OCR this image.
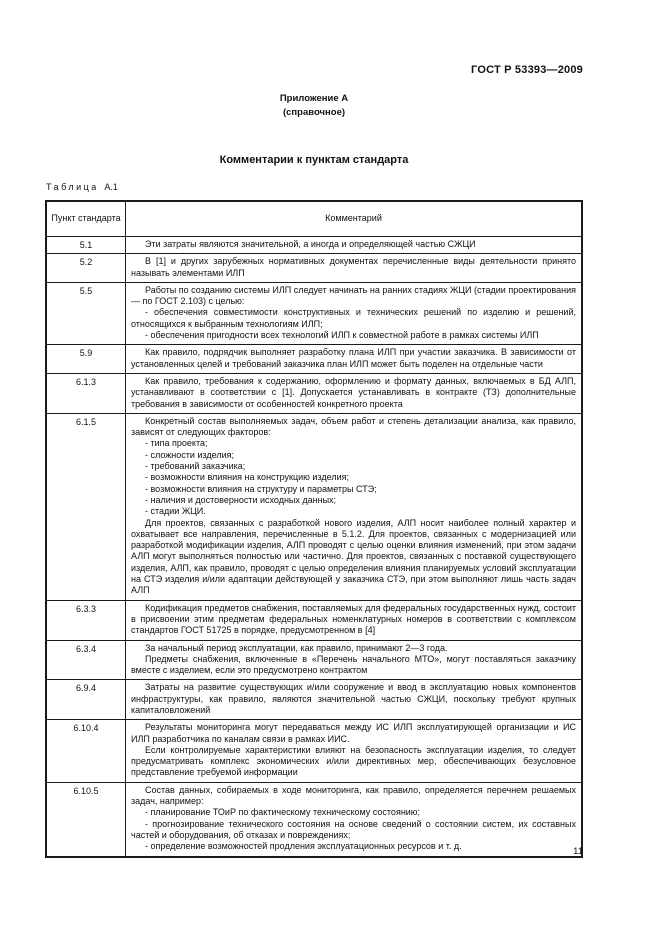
ГОСТ Р 53393—2009
Приложение А
(справочное)
Комментарии к пунктам стандарта
Таблица А.1
Пункт стандарта	Комментарий
5.1	Эти затраты являются значительной, а иногда и определяющей частью СЖЦИ

5.2	В [1] и других зарубежных нормативных документах перечисленные виды деятельности принято называть элементами ИЛП

5.5	Работы по созданию системы ИЛП следует начинать на ранних стадиях ЖЦИ (стадии проектирования — по ГОСТ 2.103) с целью:

- обеспечения совместимости конструктивных и технических решений по изделию и решений, относящихся к выбранным технологиям ИЛП;

- обеспечения пригодности всех технологий ИЛП к совместной работе в рамках системы ИЛП

5.9	Как правило, подрядчик выполняет разработку плана ИЛП при участии заказчика. В зависимости от установленных целей и требований заказчика план ИЛП может быть поделен на отдельные части

6.1.3	Как правило, требования к содержанию, оформлению и формату данных, включаемых в БД АЛП, устанавливают в соответствии с [1]. Допускается устанавливать в контракте (ТЗ) дополнительные требования в зависимости от особенностей конкретного проекта

6.1.5	Конкретный состав выполняемых задач, объем работ и степень детализации анализа, как правило, зависят от следующих факторов:

- типа проекта;

- сложности изделия;

- требований заказчика;

- возможности влияния на конструкцию изделия;

- возможности влияния на структуру и параметры СТЭ;

- наличия и достоверности исходных данных;

- стадии ЖЦИ.

Для проектов, связанных с разработкой нового изделия, АЛП носит наиболее полный характер и охватывает все направления, перечисленные в 5.1.2. Для проектов, связанных с модернизацией или разработкой модификации изделия, АЛП проводят с целью оценки влияния изменений, при этом задачи АЛП могут выполняться полностью или частично. Для проектов, связанных с поставкой существующего изделия, АЛП, как правило, проводят с целью определения влияния планируемых условий эксплуатации на СТЭ изделия и/или адаптации действующей у заказчика СТЭ, при этом выполняют лишь часть задач АЛП

6.3.3	Кодификация предметов снабжения, поставляемых для федеральных государственных нужд, состоит в присвоении этим предметам федеральных номенклатурных номеров в соответствии с комплексом стандартов ГОСТ 51725 в порядке, предусмотренном в [4]

6.3.4	За начальный период эксплуатации, как правило, принимают 2—3 года.

Предметы снабжения, включенные в «Перечень начального МТО», могут поставляться заказчику вместе с изделием, если это предусмотрено контрактом

6.9.4	Затраты на развитие существующих и/или сооружение и ввод в эксплуатацию новых компонентов инфраструктуры, как правило, являются значительной частью СЖЦИ, поскольку требуют крупных капиталовложений

6.10.4	Результаты мониторинга могут передаваться между ИС ИЛП эксплуатирующей организации и ИС ИЛП разработчика по каналам связи в рамках ИИС.

Если контролируемые характеристики влияют на безопасность эксплуатации изделия, то следует предусматривать комплекс экономических и/или директивных мер, обеспечивающих безусловное представление требуемой информации

6.10.5	Состав данных, собираемых в ходе мониторинга, как правило, определяется перечнем решаемых задач, например:

- планирование ТОиР по фактическому техническому состоянию;

- прогнозирование технического состояния на основе сведений о состоянии систем, их составных частей и оборудования, об отказах и повреждениях;

- определение возможностей продления эксплуатационных ресурсов и т. д.	11
